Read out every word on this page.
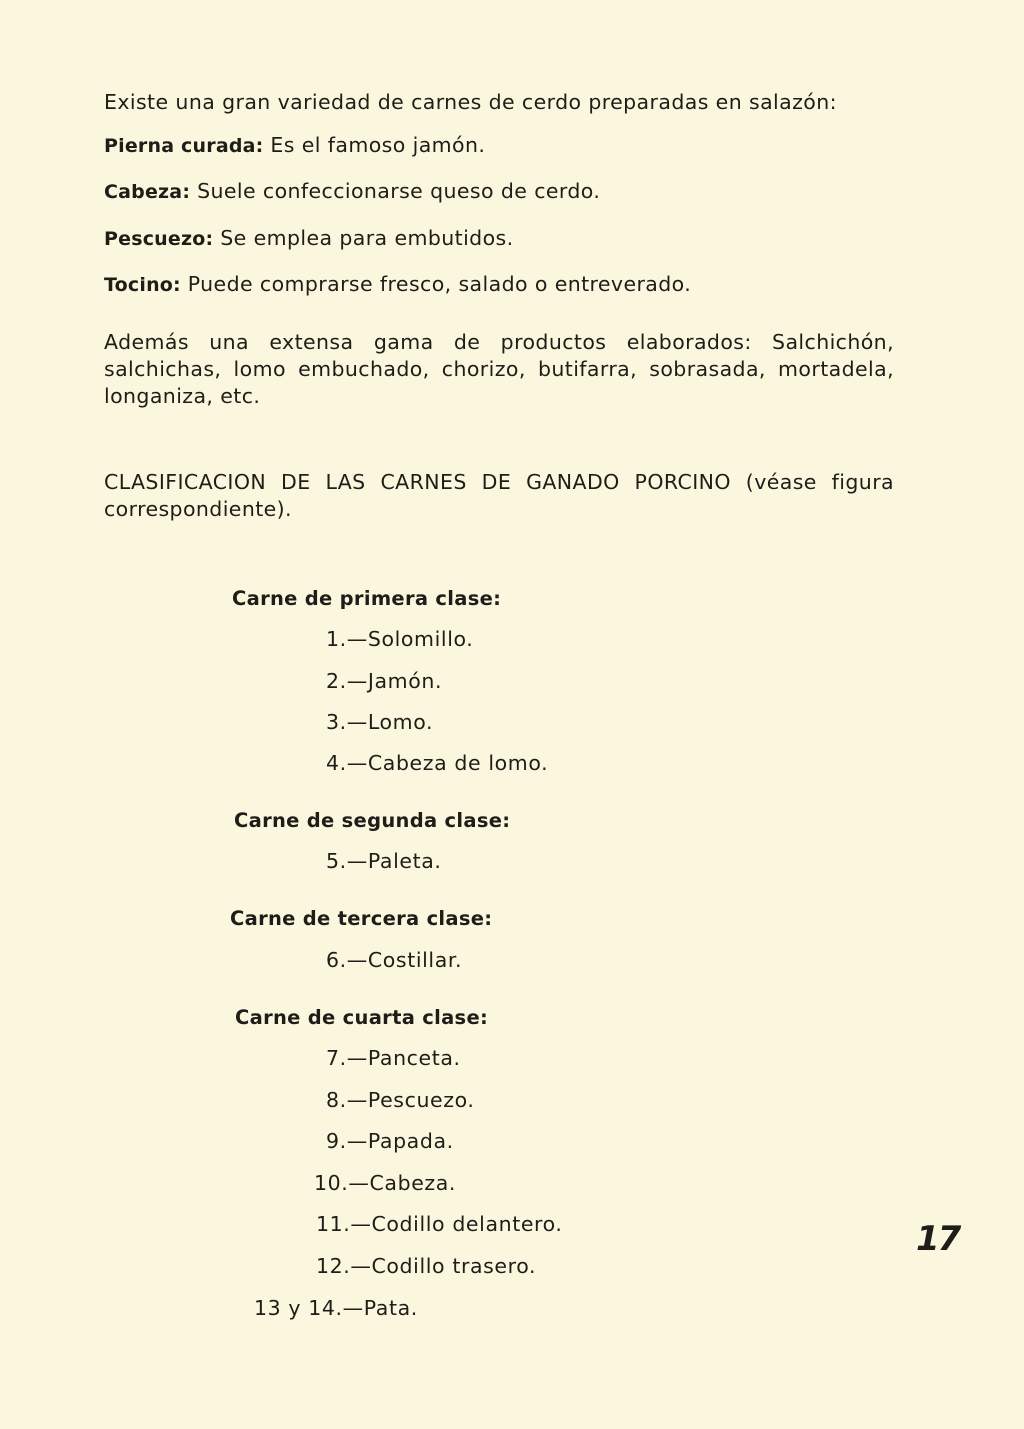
Existe una gran variedad de carnes de cerdo preparadas en salazón:

Pierna curada: Es el famoso jamón.

Cabeza: Suele confeccionarse queso de cerdo.

Pescuezo: Se emplea para embutidos.

Tocino: Puede comprarse fresco, salado o entreverado.

Además una extensa gama de productos elaborados: Salchichón, salchichas, lomo embuchado, chorizo, butifarra, sobrasada, mortadela, longaniza, etc.

CLASIFICACION DE LAS CARNES DE GANADO PORCINO (véase figura correspondiente).

Carne de primera clase:

1.—Solomillo.

2.—Jamón.

3.—Lomo.

4.—Cabeza de lomo.

Carne de segunda clase:

5.—Paleta.

Carne de tercera clase:

6.—Costillar.

Carne de cuarta clase:

7.—Panceta.

8.—Pescuezo.

9.—Papada.

10.—Cabeza.

11.—Codillo delantero.

12.—Codillo trasero.

13 y 14.—Pata.

17
